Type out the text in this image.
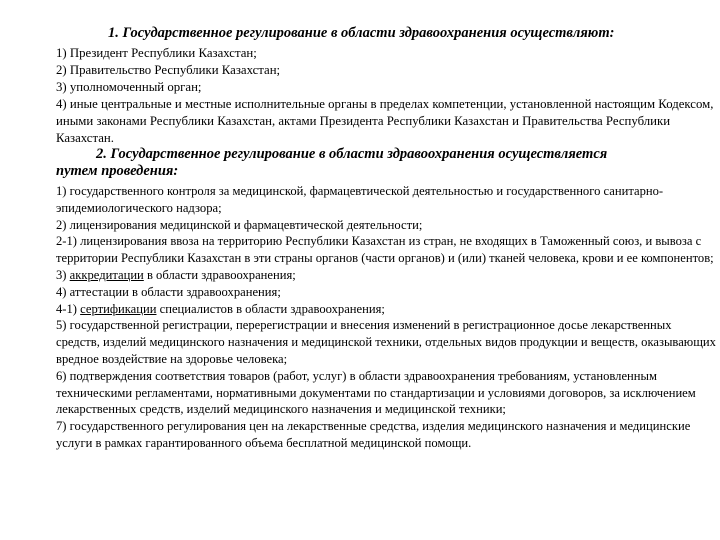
1. Государственное регулирование в области здравоохранения осуществляют:

1) Президент Республики Казахстан;
2) Правительство Республики Казахстан;
3) уполномоченный орган;
4) иные центральные и местные исполнительные органы в пределах компетенции, установленной настоящим Кодексом, иными законами Республики Казахстан, актами Президента Республики Казахстан и Правительства Республики Казахстан.

2. Государственное регулирование в области здравоохранения осуществляется
путем проведения:

1) государственного контроля за медицинской, фармацевтической деятельностью и государственного санитарно-эпидемиологического надзора;
2) лицензирования медицинской и фармацевтической деятельности;
2-1) лицензирования ввоза на территорию Республики Казахстан из стран, не входящих в Таможенный союз, и вывоза с территории Республики Казахстан в эти страны органов (части органов) и (или) тканей человека, крови и ее компонентов;
3) аккредитации в области здравоохранения;
4) аттестации в области здравоохранения;
4-1) сертификации специалистов в области здравоохранения;
5) государственной регистрации, перерегистрации и внесения изменений в регистрационное досье лекарственных средств, изделий медицинского назначения и медицинской техники, отдельных видов продукции и веществ, оказывающих вредное воздействие на здоровье человека;
6) подтверждения соответствия товаров (работ, услуг) в области здравоохранения требованиям, установленным техническими регламентами, нормативными документами по стандартизации и условиями договоров, за исключением лекарственных средств, изделий медицинского назначения и медицинской техники;
7) государственного регулирования цен на лекарственные средства, изделия медицинского назначения и медицинские услуги в рамках гарантированного объема бесплатной медицинской помощи.
